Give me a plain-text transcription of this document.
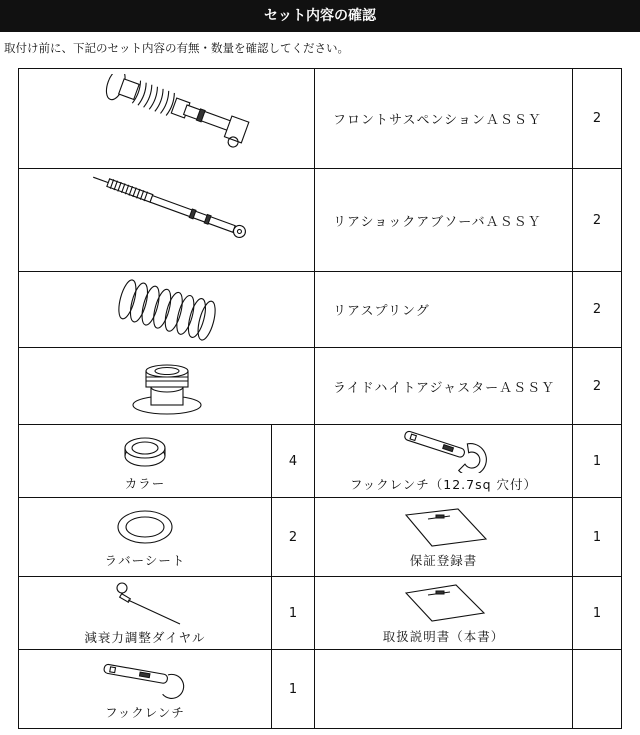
セット内容の確認
取付け前に、下記のセット内容の有無・数量を確認してください。
	フロントサスペンションＡＳＳＹ	2

	リアショックアブソーバＡＳＳＹ	2

	リアスプリング	2

	ライドハイトアジャスターＡＳＳＹ	2

カラー	4	フックレンチ（12.7sq 穴付）	1

ラバーシート	2	保証登録書	1

減衰力調整ダイヤル	1	取扱説明書（本書）	1

フックレンチ	1		
